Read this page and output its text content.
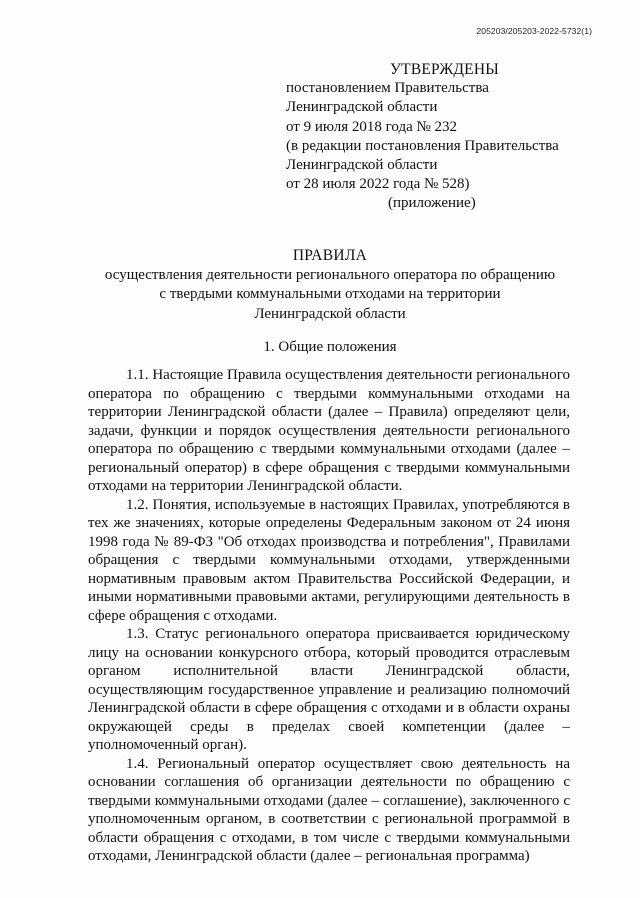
205203/205203-2022-5732(1)
УТВЕРЖДЕНЫ
постановлением Правительства
Ленинградской области
от 9 июля 2018 года № 232
(в редакции постановления Правительства
Ленинградской области
от 28 июля 2022 года № 528)
(приложение)
ПРАВИЛА
осуществления деятельности регионального оператора по обращению
с твердыми коммунальными отходами на территории
Ленинградской области
1. Общие положения

1.1. Настоящие Правила осуществления деятельности регионального оператора по обращению с твердыми коммунальными отходами на территории Ленинградской области (далее – Правила) определяют цели, задачи, функции и порядок осуществления деятельности регионального оператора по обращению с твердыми коммунальными отходами (далее – региональный оператор) в сфере обращения с твердыми коммунальными отходами на территории Ленинградской области.

1.2. Понятия, используемые в настоящих Правилах, употребляются в тех же значениях, которые определены Федеральным законом от 24 июня 1998 года № 89-ФЗ "Об отходах производства и потребления", Правилами обращения с твердыми коммунальными отходами, утвержденными нормативным правовым актом Правительства Российской Федерации, и иными нормативными правовыми актами, регулирующими деятельность в сфере обращения с отходами.

1.3. Статус регионального оператора присваивается юридическому лицу на основании конкурсного отбора, который проводится отраслевым органом исполнительной власти Ленинградской области, осуществляющим государственное управление и реализацию полномочий Ленинградской области в сфере обращения с отходами и в области охраны окружающей среды в пределах своей компетенции (далее – уполномоченный орган).

1.4. Региональный оператор осуществляет свою деятельность на основании соглашения об организации деятельности по обращению с твердыми коммунальными отходами (далее – соглашение), заключенного с уполномоченным органом, в соответствии с региональной программой в области обращения с отходами, в том числе с твердыми коммунальными отходами, Ленинградской области (далее – региональная программа)
